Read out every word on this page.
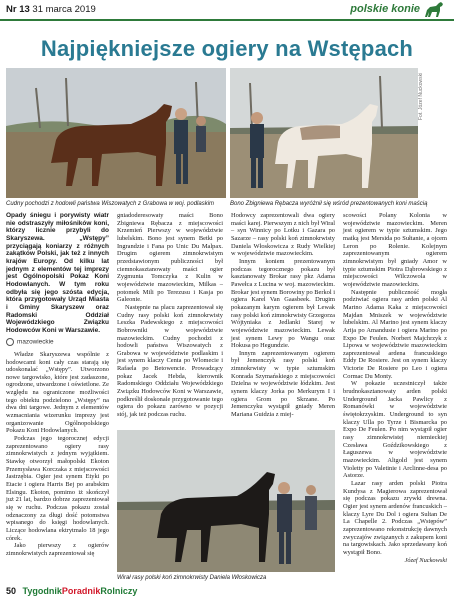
Nr 13 31 marca 2019	polskie konie
Najpiękniejsze ogiery na Wstępach
Cudny pochodzi z hodowli państwa Wiszowatych z Grabowa w woj. podlaskim	Bono Zbigniewa Rębacza wyróżnił się wśród prezentowanych koni maścią
Fot. Józef Nuckowski

Opady śniegu i porywisty wiatr nie odstraszyły miłośników koni, którzy licznie przybyli do Skaryszewa. „Wstępy” przyciągają koniarzy z różnych zakątków Polski, jak też z innych krajów Europy. Od kilku lat jednym z elementów tej imprezy jest Ogólnopolski Pokaz Koni Hodowlanych. W tym roku odbyła się jego szósta edycja, która przygotowały Urząd Miasta i Gminy Skaryszew oraz Radomski Oddział Wojewódzkiego Związku Hodowców Koni w Warszawie.

mazowieckie

Władze Skaryszewa wspólnie z hodowcami koni cały czas starają się udoskonalać „Wstępy”. Utworzono nowe targowisko, które jest zadaszone, ogrodzone, utwardzone i oświetlone. Ze względu na ograniczone możliwości tego obiektu podzielono „Wstępy” na dwa dni targowe. Jednym z elementów wzmacniania wizerunku imprezy jest organizowanie Ogólnopolskiego Pokazu Koni Hodowlanych.

Podczas jego tegorocznej edycji zaprezentowano ogiery rasy zimnokrwistych z jednym wyjątkiem. Stawkę otworzył małopolski Ekoton Przemysława Korczaka z miejscowości Jastrzębia. Ogier jest synem Etyki po Etacie i ogiera Harris Bej po arabskim Elsingu. Ekoton, pomimo iż skończył już 21 lat, bardzo dobrze zaprezentował się w ruchu. Podczas pokazu został odznaczony za długi dość potomstwa wpisanego do księgi hodowlanych. Liczące hodowlana ektrytmalo 18 jego córek.

Jako pierwszy z ogierów zimnokrwistych zaprezentował się

gniadoderesowaty maści Bono Zbigniewa Rębacza z miejscowości Krzemień Pierwszy w województwie lubelskim. Bono jest synem Betki po Ingrandzie i Fana po Unic Du Malpax. Drugim ogierem zimnokrwistym przedstawionym publiczności był ciemnokasztanowaty maści ogier Zygmunta Tomczyka z Kulin w województwie mazowieckim, Milkas – potomek Mili po Terezusu i Kasja po Galeonie.

Następnie na placu zaprezentował się Cudny rasy polski koń zimnokrwisty Leszka Padewskiego z miejscowości Bobrowniki w województwie mazowieckim. Cudny pochodzi z hodowli państwa Wiszowatych z Grabowa w województwie podlaskim i jest synem klaczy Centa po Wlomecie i Rafaela po Betowencie. Prowadzący pokaz Jacek Hebda, kierownik Radomskiego Oddziału Wojewódzkiego Związku Hodowców Koni w Warszawie, podkreślił doskonale przygotowanie tego ogiera do pokazu zarówno w pozycji stój, jak też podczas ruchu.

Hodowcy zaprezentowali dwa ogiery maści karej. Pierwszym z nich był Wiral – syn Winnicy po Lotku i Gazara po Sazarze – rasy polski koń zimnokrwisty Daniela Włoskowicza z Rudy Wielkiej w województwie mazowieckim.

Innym koniem prezentowanym podczas tegorocznego pokazu był kasztanowaty Brokar rasy pkz Adama Pawełca z Lucina w woj. mazowieckim. Brokar jest synem Borowiny po Berkol i ogiera Karel Van Gaasbeek. Drugim pokazanym karym ogierem był Lewak rasy polski koń zimnokrwisty Grzegorza Wójtyniaka z Jedlanki Starej w województwie mazowieckim. Lewak jest synem Lewy po Wangu oraz Hokusa po Hegundzie.

Innym zaprezentowanym ogierem był Jemenczyk rasy polski koń zimnokrwisty w typie sztumskim Konrada Szymańskiego z miejscowości Dzielna w województwie łódzkim. Jest synem klaczy Jorka po Merkurym I i ogiera Grom po Skrzane. Po Jemenczyku wystąpił gniady Meren Mariana Guidzia z miej-

Wirał rasy polski koń zimnokrwisty Daniela Włoskowicza

scowości Polany Kolonia w województwie mazowieckim. Meren jest ogierem w typie sztumskim. Jego matką jest Mersida po Sułtanie, a ojcem Leron po Rolenie. Kolejnym zaprezentowanym ogierem zimnokrwistym był gniady Amor w typie sztumskim Piotra Dąbrowskiego z miejscowości Wilczowola w województwie mazowieckim.

Następnie publiczność mogła podziwiać ogiera rasy arden polski Al Marino Adama Kaka z miejscowości Majdan Mniszek w województwie lubelskim. Al Marino jest synem klaczy Arija po Amandusie i ogiera Marino po Expo De Feulen. Norbert Majchrzyk z Lipowa w województwie mazowieckim zaprezentował ardena francuskiego Eddy De Rosiere. Jest on synem klaczy Victorie De Rosiere po Leo i ogiera Cormac Du Monty.

W pokazie uczestniczył także brudnokasztanowaty arden polski Underground Jacka Pawlicy z Romanówki w województwie świętokrzyskim. Underground to syn klaczy Ulla po Tyrze i Bismarcka po Expo De Feulen. Po nim wystąpił ogier rasy zimnokrwistej niemieckiej Czesława Goździkowskiego z Łaguszewa w województwie mazowieckim. Altgold jest synem Violetty po Valetinie i Arclinne-desa po Astorze.

Lazar rasy arden polski Piotra Kundysa z Magierowa zaprezentował się podczas pokazu zrywki drewna. Ogier jest synem ardenów francuskich – klaczy Lyre Du Dol i ogiera Sultan De La Chapelle 2. Podczas „Wstępów” zaprezentowano rekonstrukcję dawnych zwyczajów związanych z zakupem koni na targowiskach. Jako sprzedawany koń wystąpił Bono.

Józef Nuckowski
50 TygodnikPoradnikRolniczy
